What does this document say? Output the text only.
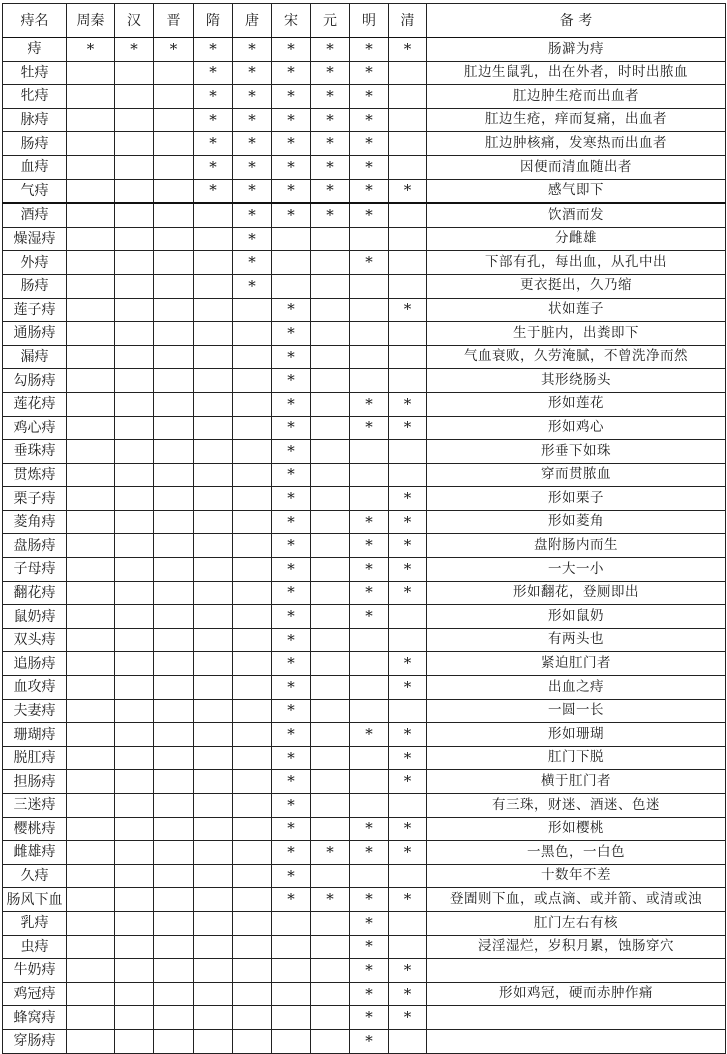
痔名	周秦	汉	晋	隋	唐	宋	元	明	清	备 考
痔	*	*	*	*	*	*	*	*	*	肠澼为痔
牡痔				*	*	*	*	*		肛边生鼠乳，出在外者，时时出脓血
牝痔				*	*	*	*	*		肛边肿生疮而出血者
脉痔				*	*	*	*	*		肛边生疮，痒而复痛，出血者
肠痔				*	*	*	*	*		肛边肿核痛，发寒热而出血者
血痔				*	*	*	*	*		因便而清血随出者
气痔				*	*	*	*	*	*	感气即下
酒痔					*	*	*	*		饮酒而发
燥湿痔					*					分雌雄
外痔					*			*		下部有孔，每出血，从孔中出
肠痔					*					更衣挺出，久乃缩
莲子痔						*			*	状如莲子
通肠痔						*				生于脏内，出粪即下
漏痔						*				气血衰败，久劳淹腻，不曾洗净而然
勾肠痔						*				其形绕肠头
莲花痔						*		*	*	形如莲花
鸡心痔						*		*	*	形如鸡心
垂珠痔						*				形垂下如珠
贯炼痔						*				穿而贯脓血
栗子痔						*			*	形如栗子
菱角痔						*		*	*	形如菱角
盘肠痔						*		*	*	盘附肠内而生
子母痔						*		*	*	一大一小
翻花痔						*		*	*	形如翻花，登厕即出
鼠奶痔						*		*		形如鼠奶
双头痔						*				有两头也
追肠痔						*			*	紧迫肛门者
血攻痔						*			*	出血之痔
夫妻痔						*				一圆一长
珊瑚痔						*		*	*	形如珊瑚
脱肛痔						*			*	肛门下脱
担肠痔						*			*	横于肛门者
三迷痔						*				有三珠，财迷、酒迷、色迷
樱桃痔						*		*	*	形如樱桃
雌雄痔						*	*	*	*	一黑色，一白色
久痔						*				十数年不差
肠风下血						*	*	*	*	登圊则下血，或点滴、或并箭、或清或浊
乳痔								*		肛门左右有核
虫痔								*		浸淫湿烂，岁积月累，蚀肠穿穴
牛奶痔								*	*	
鸡冠痔								*	*	形如鸡冠，硬而赤肿作痛
蜂窝痔								*	*	
穿肠痔								*		
